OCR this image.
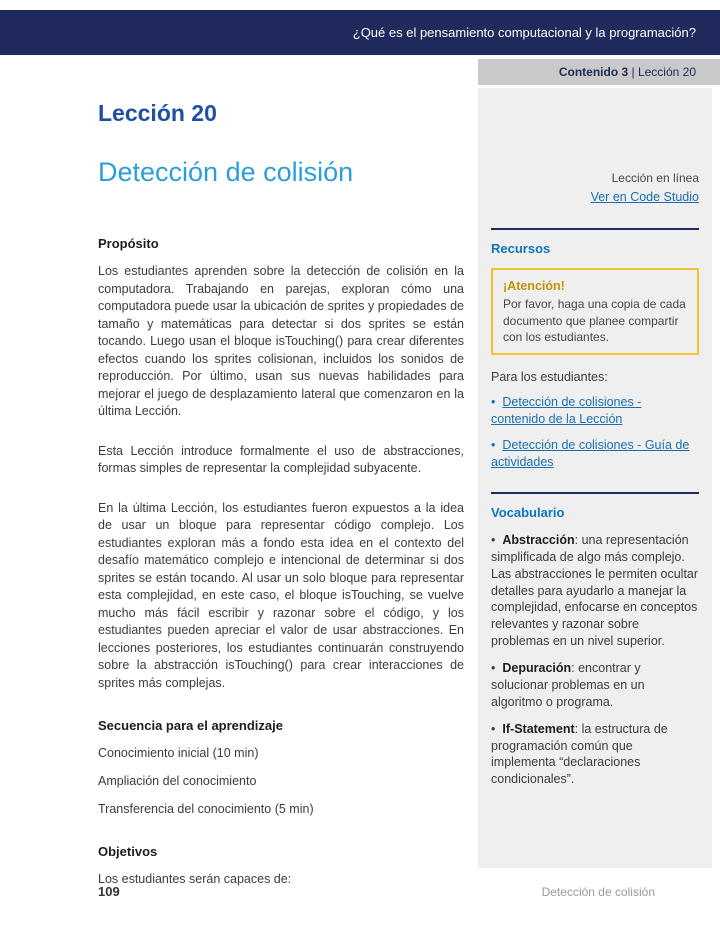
¿Qué es el pensamiento computacional y la programación?
Contenido 3 | Lección 20
Lección 20
Detección de colisión
Propósito

Los estudiantes aprenden sobre la detección de colisión en la computadora. Trabajando en parejas, exploran cómo una computadora puede usar la ubicación de sprites y propiedades de tamaño y matemáticas para detectar si dos sprites se están tocando. Luego usan el bloque isTouching() para crear diferentes efectos cuando los sprites colisionan, incluidos los sonidos de reproducción. Por último, usan sus nuevas habilidades para mejorar el juego de desplazamiento lateral que comenzaron en la última Lección.

Esta Lección introduce formalmente el uso de abstracciones, formas simples de representar la complejidad subyacente.

En la última Lección, los estudiantes fueron expuestos a la idea de usar un bloque para representar código complejo. Los estudiantes exploran más a fondo esta idea en el contexto del desafío matemático complejo e intencional de determinar si dos sprites se están tocando. Al usar un solo bloque para representar esta complejidad, en este caso, el bloque isTouching, se vuelve mucho más fácil escribir y razonar sobre el código, y los estudiantes pueden apreciar el valor de usar abstracciones. En lecciones posteriores, los estudiantes continuarán construyendo sobre la abstracción isTouching() para crear interacciones de sprites más complejas.

Secuencia para el aprendizaje

Conocimiento inicial (10 min)

Ampliación del conocimiento

Transferencia del conocimiento (5 min)

Objetivos

Los estudiantes serán capaces de:

Lección en línea
Ver en Code Studio
Recursos
¡Atención!
Por favor, haga una copia de cada documento que planee compartir con los estudiantes.
Para los estudiantes:

• Detección de colisiones - contenido de la Lección

• Detección de colisiones - Guía de actividades

Vocabulario

• Abstracción: una representación simplificada de algo más complejo. Las abstracciones le permiten ocultar detalles para ayudarlo a manejar la complejidad, enfocarse en conceptos relevantes y razonar sobre problemas en un nivel superior.

• Depuración: encontrar y solucionar problemas en un algoritmo o programa.

• If-Statement: la estructura de programación común que implementa “declaraciones condicionales”.

109	Detección de colisión
